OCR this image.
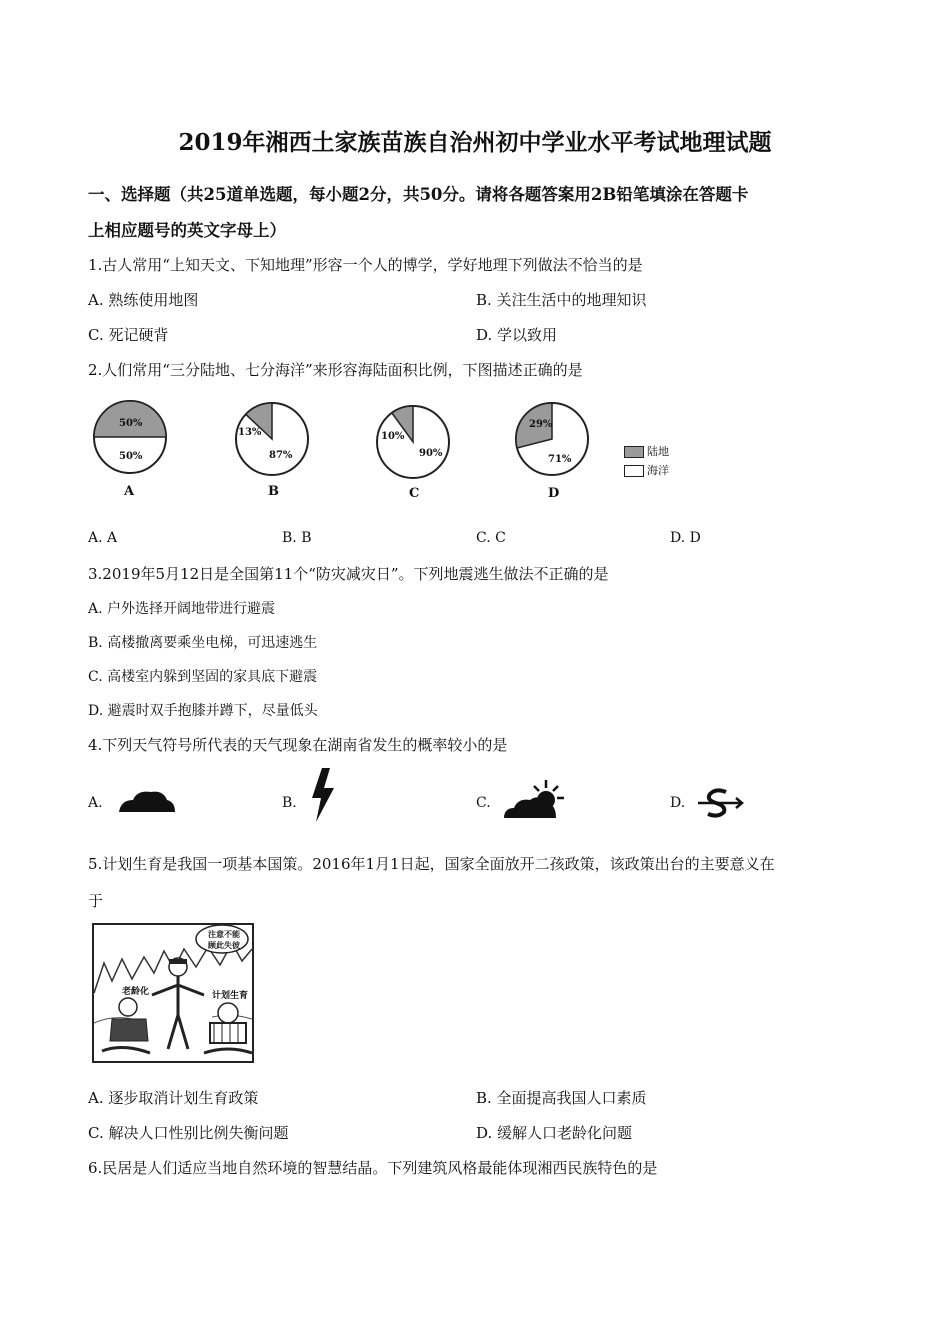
2019年湘西土家族苗族自治州初中学业水平考试地理试题
一、选择题（共25道单选题，每小题2分，共50分。请将各题答案用2B铅笔填涂在答题卡
上相应题号的英文字母上）
1.古人常用“上知天文、下知地理”形容一个人的博学，学好地理下列做法不恰当的是
A. 熟练使用地图	B. 关注生活中的地理知识
C. 死记硬背	D. 学以致用
2.人们常用“三分陆地、七分海洋”来形容海陆面积比例，下图描述正确的是
50%
50%
A
13%
87%
B
10%
90%
C
29%
71%
D
陆地
海洋
A. A	B. B	C. C	D. D
3.2019年5月12日是全国第11个“防灾减灾日”。下列地震逃生做法不正确的是
A. 户外选择开阔地带进行避震
B. 高楼撤离要乘坐电梯，可迅速逃生
C. 高楼室内躲到坚固的家具底下避震
D. 避震时双手抱膝并蹲下，尽量低头
4.下列天气符号所代表的天气现象在湖南省发生的概率较小的是
A.	B.	C.	D.
5.计划生育是我国一项基本国策。2016年1月1日起，国家全面放开二孩政策，该政策出台的主要意义在
于
注意不能
顾此失彼
老龄化	计划生育
A. 逐步取消计划生育政策	B. 全面提高我国人口素质
C. 解决人口性别比例失衡问题	D. 缓解人口老龄化问题
6.民居是人们适应当地自然环境的智慧结晶。下列建筑风格最能体现湘西民族特色的是
